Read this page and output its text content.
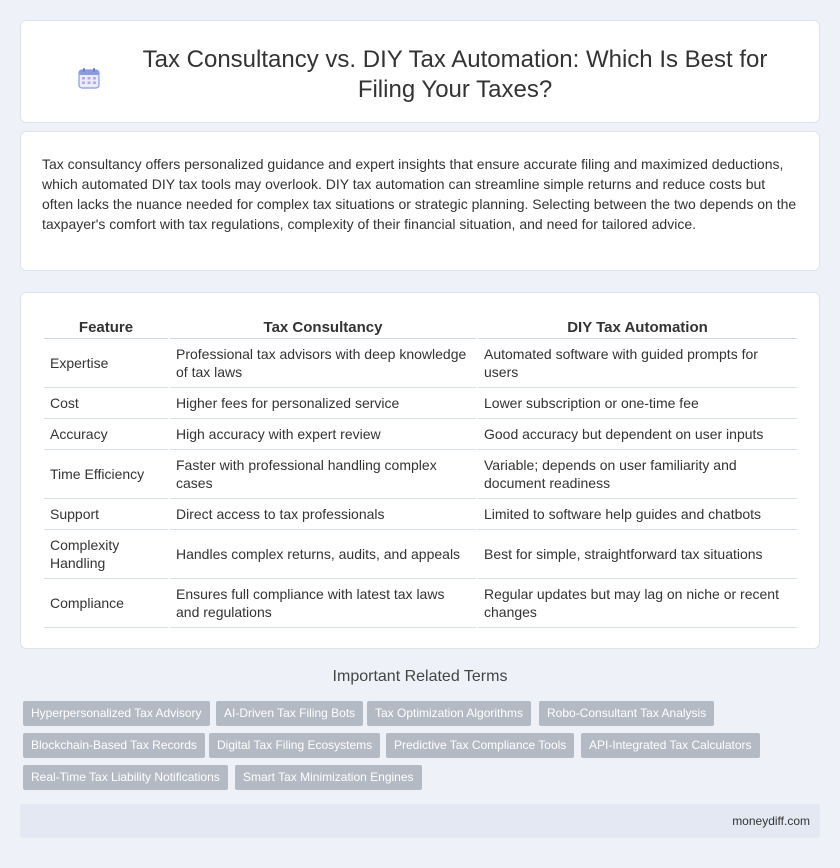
Tax Consultancy vs. DIY Tax Automation: Which Is Best for Filing Your Taxes?

Tax consultancy offers personalized guidance and expert insights that ensure accurate filing and maximized deductions, which automated DIY tax tools may overlook. DIY tax automation can streamline simple returns and reduce costs but often lacks the nuance needed for complex tax situations or strategic planning. Selecting between the two depends on the taxpayer's comfort with tax regulations, complexity of their financial situation, and need for tailored advice.

Feature	Tax Consultancy	DIY Tax Automation
Expertise	Professional tax advisors with deep knowledge of tax laws	Automated software with guided prompts for users
Cost	Higher fees for personalized service	Lower subscription or one-time fee
Accuracy	High accuracy with expert review	Good accuracy but dependent on user inputs
Time Efficiency	Faster with professional handling complex cases	Variable; depends on user familiarity and document readiness
Support	Direct access to tax professionals	Limited to software help guides and chatbots
Complexity Handling	Handles complex returns, audits, and appeals	Best for simple, straightforward tax situations
Compliance	Ensures full compliance with latest tax laws and regulations	Regular updates but may lag on niche or recent changes
Important Related Terms
Hyperpersonalized Tax Advisory	AI-Driven Tax Filing Bots	Tax Optimization Algorithms	Robo-Consultant Tax Analysis
Blockchain-Based Tax Records	Digital Tax Filing Ecosystems	Predictive Tax Compliance Tools	API-Integrated Tax Calculators
Real-Time Tax Liability Notifications	Smart Tax Minimization Engines
moneydiff.com
